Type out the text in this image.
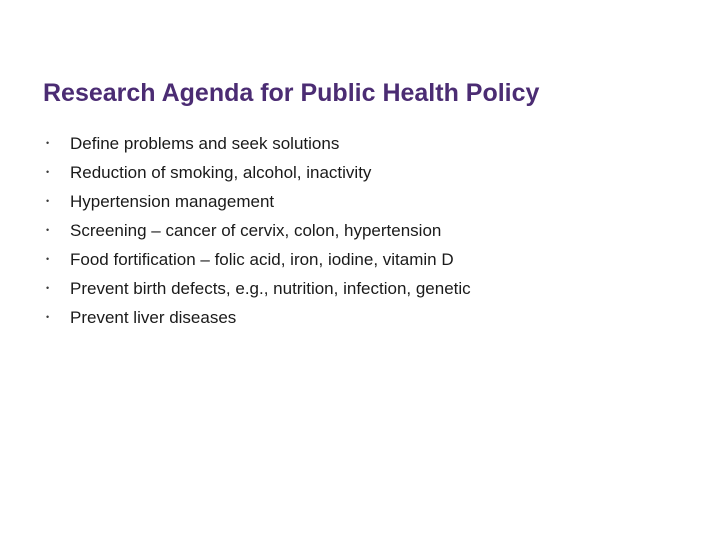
Research Agenda for Public Health Policy
• Define problems and seek solutions
• Reduction of smoking, alcohol, inactivity
• Hypertension management
• Screening – cancer of cervix, colon, hypertension
• Food fortification – folic acid, iron, iodine, vitamin D
• Prevent birth defects, e.g., nutrition, infection, genetic
• Prevent liver diseases
